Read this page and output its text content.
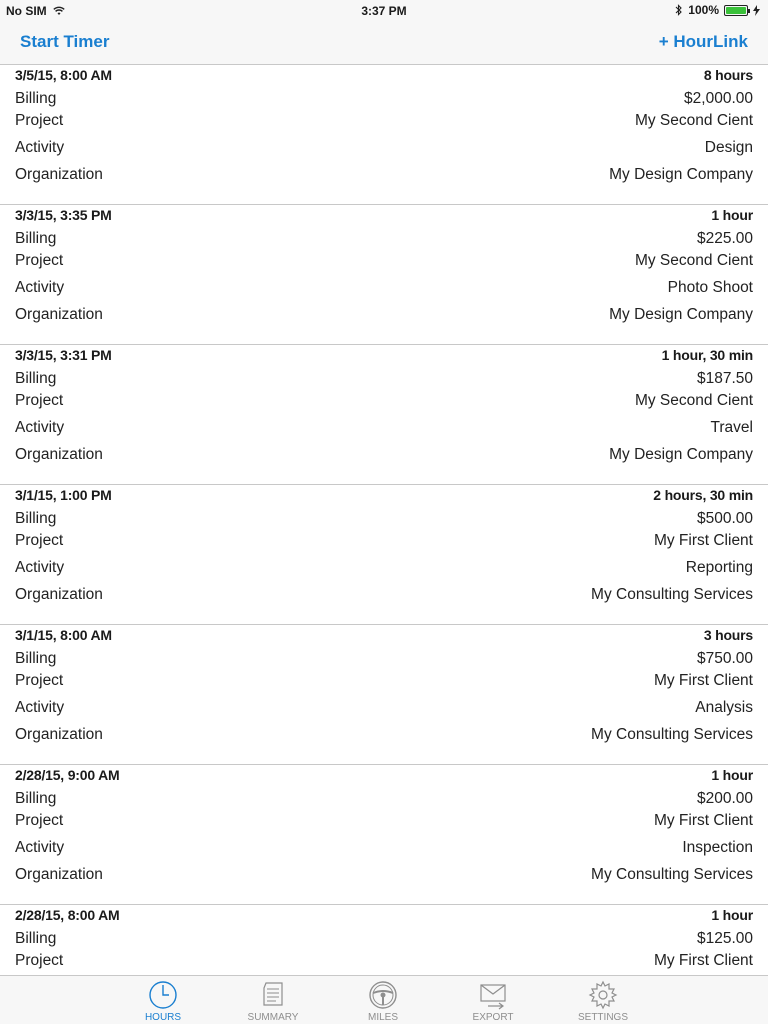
No SIM	3:37 PM	100%
Start Timer	+ HourLink
3/5/15, 8:00 AM	8 hours
Billing	$2,000.00
Project	My Second Cient
Activity	Design
Organization	My Design Company
3/3/15, 3:35 PM	1 hour
Billing	$225.00
Project	My Second Cient
Activity	Photo Shoot
Organization	My Design Company
3/3/15, 3:31 PM	1 hour, 30 min
Billing	$187.50
Project	My Second Cient
Activity	Travel
Organization	My Design Company
3/1/15, 1:00 PM	2 hours, 30 min
Billing	$500.00
Project	My First Client
Activity	Reporting
Organization	My Consulting Services
3/1/15, 8:00 AM	3 hours
Billing	$750.00
Project	My First Client
Activity	Analysis
Organization	My Consulting Services
2/28/15, 9:00 AM	1 hour
Billing	$200.00
Project	My First Client
Activity	Inspection
Organization	My Consulting Services
2/28/15, 8:00 AM	1 hour
Billing	$125.00
Project	My First Client
HOURS	SUMMARY	MILES	EXPORT	SETTINGS
